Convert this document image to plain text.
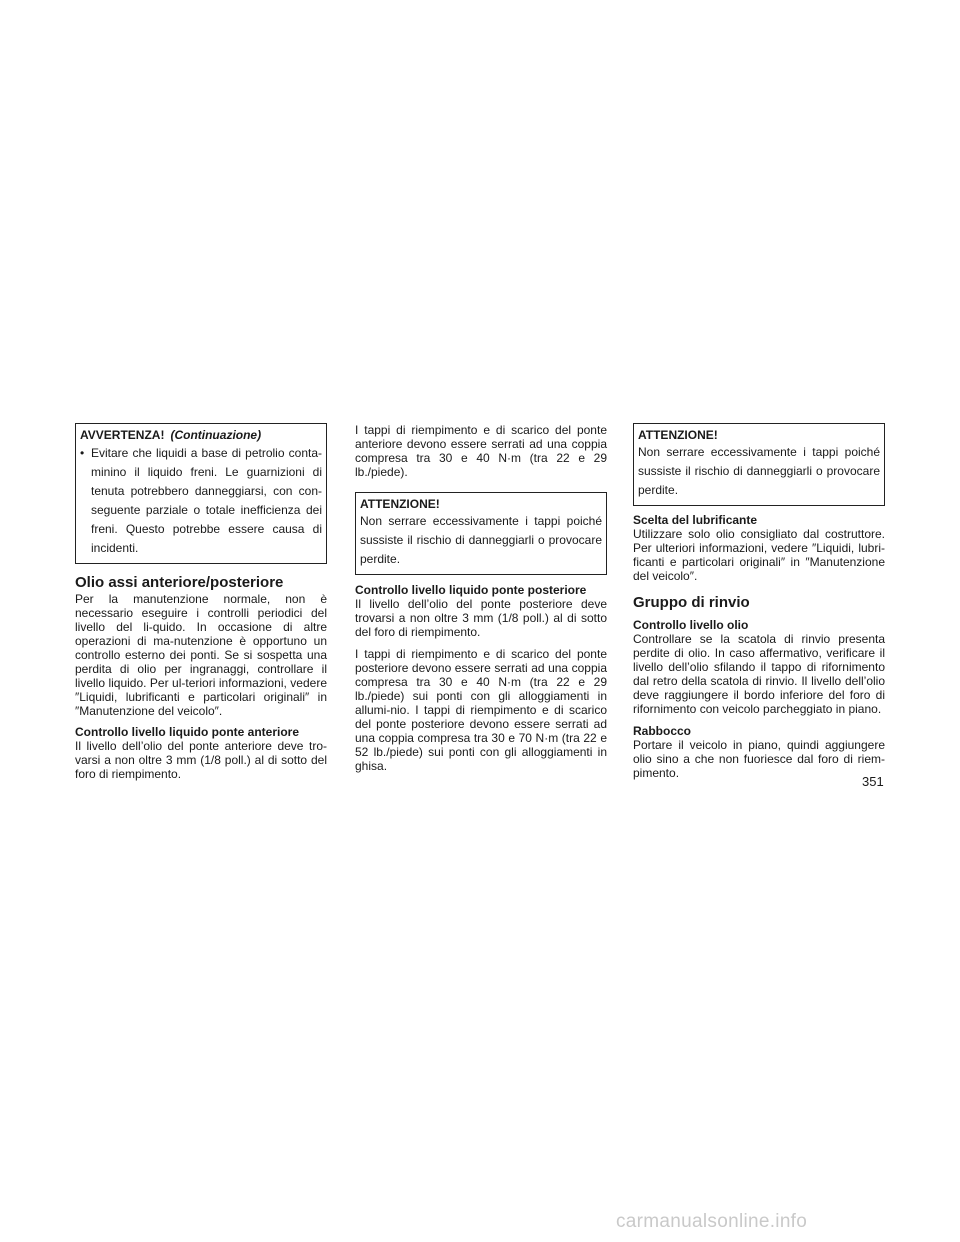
AVVERTENZA! (Continuazione)
• Evitare che liquidi a base di petrolio conta-minino il liquido freni. Le guarnizioni di tenuta potrebbero danneggiarsi, con con-seguente parziale o totale inefficienza dei freni. Questo potrebbe essere causa di incidenti.
Olio assi anteriore/posteriore

Per la manutenzione normale, non è necessario eseguire i controlli periodici del livello del li-quido. In occasione di altre operazioni di ma-nutenzione è opportuno un controllo esterno dei ponti. Se si sospetta una perdita di olio per ingranaggi, controllare il livello liquido. Per ul-teriori informazioni, vedere ″Liquidi, lubrificanti e particolari originali″ in ″Manutenzione del veicolo″.

Controllo livello liquido ponte anteriore

Il livello dell’olio del ponte anteriore deve tro-varsi a non oltre 3 mm (1/8 poll.) al di sotto del foro di riempimento.

I tappi di riempimento e di scarico del ponte anteriore devono essere serrati ad una coppia compresa tra 30 e 40 N·m (tra 22 e 29 lb./piede).

ATTENZIONE!
Non serrare eccessivamente i tappi poiché sussiste il rischio di danneggiarli o provocare perdite.

Controllo livello liquido ponte posteriore

Il livello dell’olio del ponte posteriore deve trovarsi a non oltre 3 mm (1/8 poll.) al di sotto del foro di riempimento.

I tappi di riempimento e di scarico del ponte posteriore devono essere serrati ad una coppia compresa tra 30 e 40 N·m (tra 22 e 29 lb./piede) sui ponti con gli alloggiamenti in allumi-nio. I tappi di riempimento e di scarico del ponte posteriore devono essere serrati ad una coppia compresa tra 30 e 70 N·m (tra 22 e 52 lb./piede) sui ponti con gli alloggiamenti in ghisa.

ATTENZIONE!
Non serrare eccessivamente i tappi poiché sussiste il rischio di danneggiarli o provocare perdite.

Scelta del lubrificante

Utilizzare solo olio consigliato dal costruttore. Per ulteriori informazioni, vedere ″Liquidi, lubri-ficanti e particolari originali″ in ″Manutenzione del veicolo″.

Gruppo di rinvio

Controllo livello olio

Controllare se la scatola di rinvio presenta perdite di olio. In caso affermativo, verificare il livello dell’olio sfilando il tappo di rifornimento dal retro della scatola di rinvio. Il livello dell’olio deve raggiungere il bordo inferiore del foro di rifornimento con veicolo parcheggiato in piano.

Rabbocco

Portare il veicolo in piano, quindi aggiungere olio sino a che non fuoriesce dal foro di riem-pimento.

351
carmanualsonline.info
